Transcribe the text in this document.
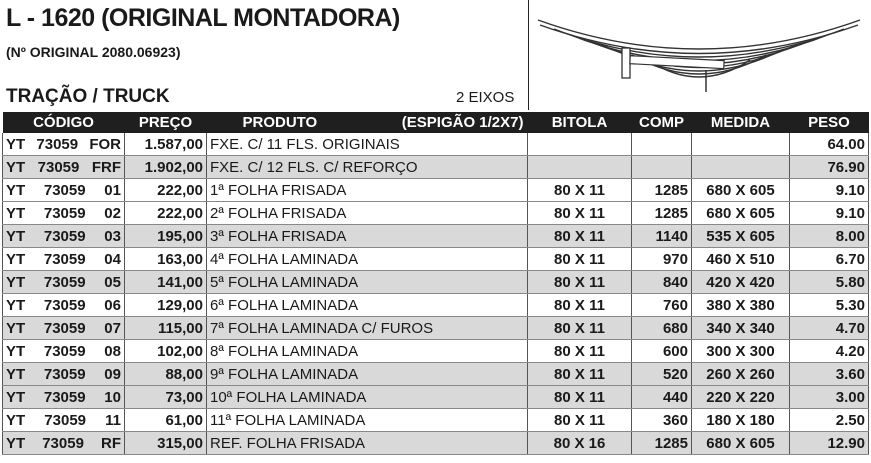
L - 1620 (ORIGINAL MONTADORA)
(Nº ORIGINAL 2080.06923)
TRAÇÃO / TRUCK	2 EIXOS
CÓDIGO	PREÇO	PRODUTO (ESPIGÃO 1/2X7)	BITOLA	COMP	MEDIDA	PESO

YT 73059 FOR	1.587,00	FXE. C/ 11 FLS. ORIGINAIS				64.00

YT 73059 FRF	1.902,00	FXE. C/ 12 FLS. C/ REFORÇO				76.90

YT 73059 01	222,00	1ª FOLHA FRISADA	80 X 11	1285	680 X 605	9.10

YT 73059 02	222,00	2ª FOLHA FRISADA	80 X 11	1285	680 X 605	9.10

YT 73059 03	195,00	3ª FOLHA FRISADA	80 X 11	1140	535 X 605	8.00

YT 73059 04	163,00	4ª FOLHA LAMINADA	80 X 11	970	460 X 510	6.70

YT 73059 05	141,00	5ª FOLHA LAMINADA	80 X 11	840	420 X 420	5.80

YT 73059 06	129,00	6ª FOLHA LAMINADA	80 X 11	760	380 X 380	5.30

YT 73059 07	115,00	7ª FOLHA LAMINADA C/ FUROS	80 X 11	680	340 X 340	4.70

YT 73059 08	102,00	8ª FOLHA LAMINADA	80 X 11	600	300 X 300	4.20

YT 73059 09	88,00	9ª FOLHA LAMINADA	80 X 11	520	260 X 260	3.60

YT 73059 10	73,00	10ª FOLHA LAMINADA	80 X 11	440	220 X 220	3.00

YT 73059 11	61,00	11ª FOLHA LAMINADA	80 X 11	360	180 X 180	2.50

YT 73059 RF	315,00	REF. FOLHA FRISADA	80 X 16	1285	680 X 605	12.90
